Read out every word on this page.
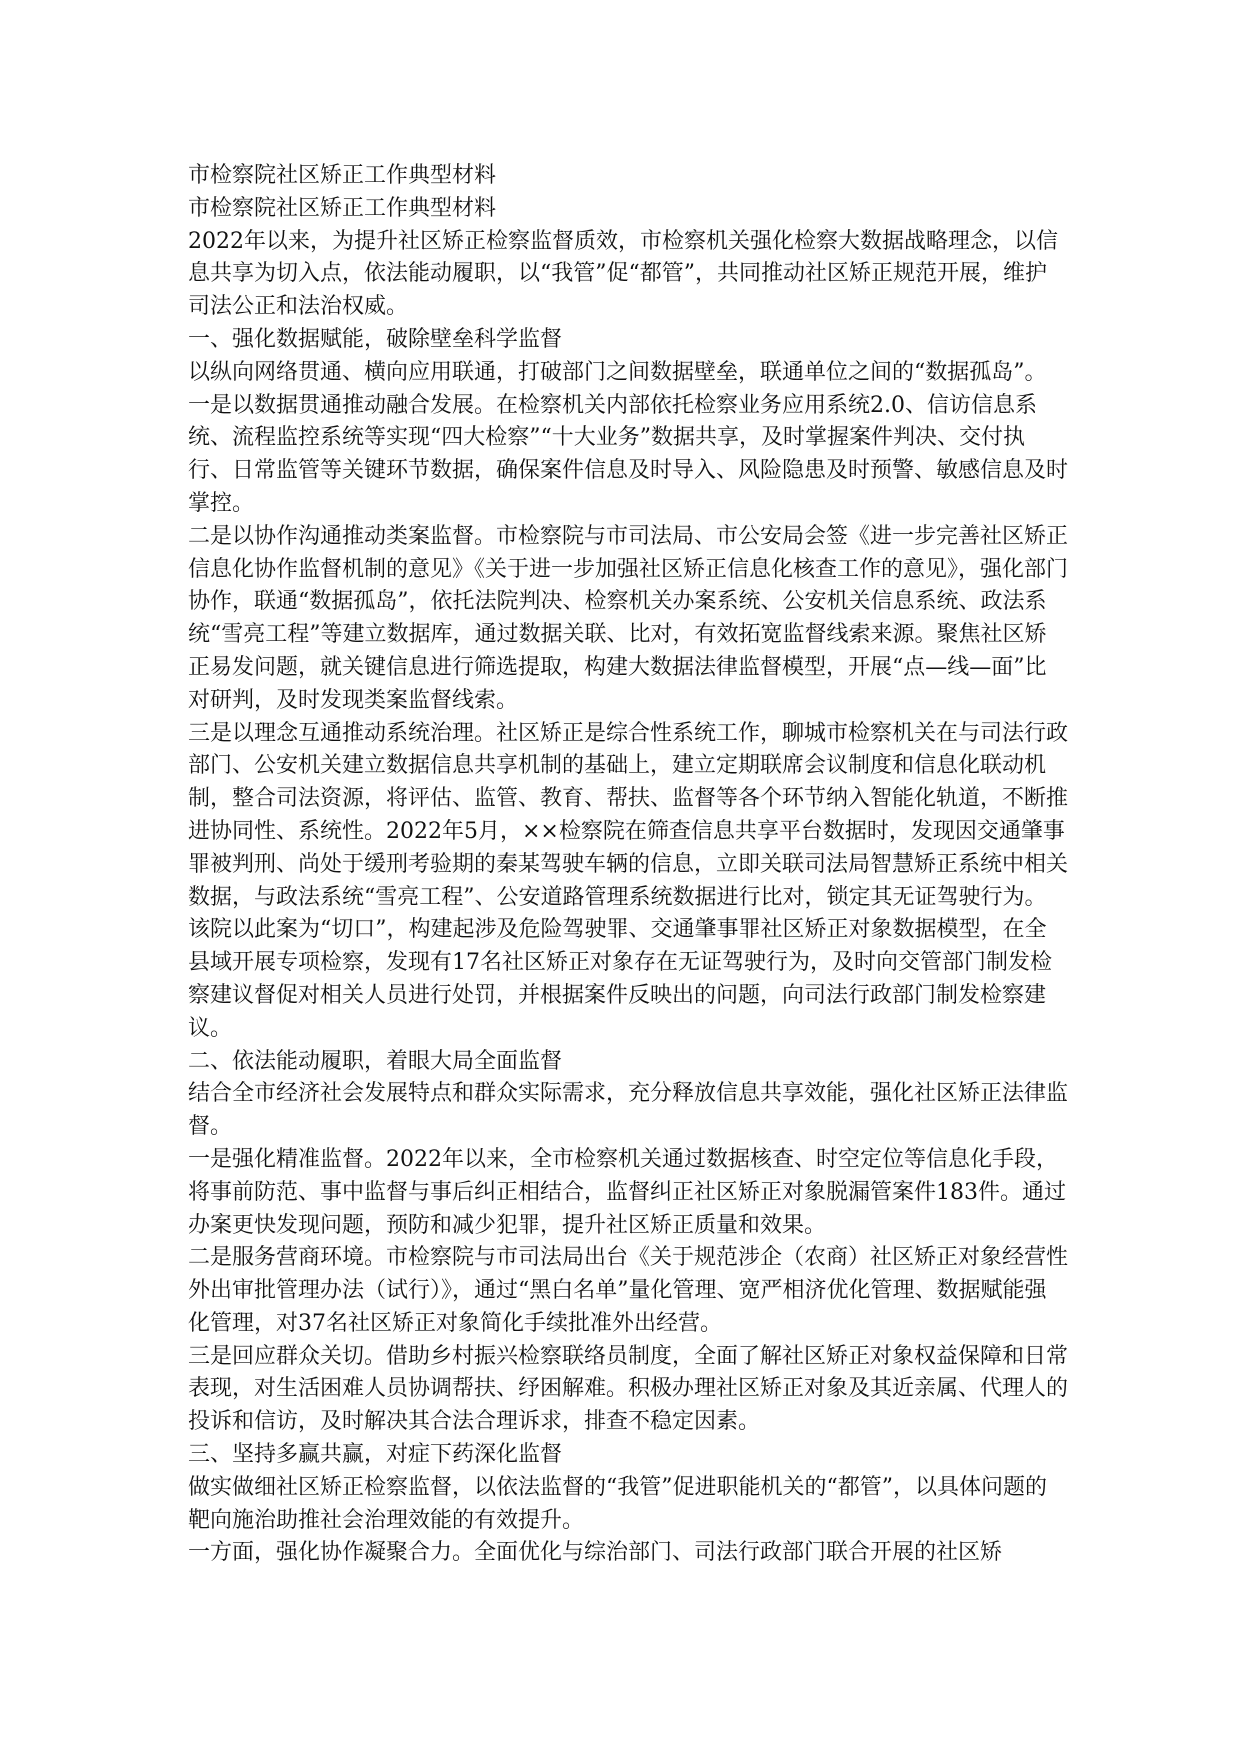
市检察院社区矫正工作典型材料

市检察院社区矫正工作典型材料

2022年以来，为提升社区矫正检察监督质效，市检察机关强化检察大数据战略理念，以信息共享为切入点，依法能动履职，以“我管”促“都管”，共同推动社区矫正规范开展，维护司法公正和法治权威。

一、强化数据赋能，破除壁垒科学监督

以纵向网络贯通、横向应用联通，打破部门之间数据壁垒，联通单位之间的“数据孤岛”。

一是以数据贯通推动融合发展。在检察机关内部依托检察业务应用系统2.0、信访信息系统、流程监控系统等实现“四大检察”“十大业务”数据共享，及时掌握案件判决、交付执行、日常监管等关键环节数据，确保案件信息及时导入、风险隐患及时预警、敏感信息及时掌控。

二是以协作沟通推动类案监督。市检察院与市司法局、市公安局会签《进一步完善社区矫正信息化协作监督机制的意见》《关于进一步加强社区矫正信息化核查工作的意见》，强化部门协作，联通“数据孤岛”，依托法院判决、检察机关办案系统、公安机关信息系统、政法系统“雪亮工程”等建立数据库，通过数据关联、比对，有效拓宽监督线索来源。聚焦社区矫正易发问题，就关键信息进行筛选提取，构建大数据法律监督模型，开展“点—线—面”比对研判，及时发现类案监督线索。

三是以理念互通推动系统治理。社区矫正是综合性系统工作，聊城市检察机关在与司法行政部门、公安机关建立数据信息共享机制的基础上，建立定期联席会议制度和信息化联动机制，整合司法资源，将评估、监管、教育、帮扶、监督等各个环节纳入智能化轨道，不断推进协同性、系统性。2022年5月，××检察院在筛查信息共享平台数据时，发现因交通肇事罪被判刑、尚处于缓刑考验期的秦某驾驶车辆的信息，立即关联司法局智慧矫正系统中相关数据，与政法系统“雪亮工程”、公安道路管理系统数据进行比对，锁定其无证驾驶行为。该院以此案为“切口”，构建起涉及危险驾驶罪、交通肇事罪社区矫正对象数据模型，在全县域开展专项检察，发现有17名社区矫正对象存在无证驾驶行为，及时向交管部门制发检察建议督促对相关人员进行处罚，并根据案件反映出的问题，向司法行政部门制发检察建议。

二、依法能动履职，着眼大局全面监督

结合全市经济社会发展特点和群众实际需求，充分释放信息共享效能，强化社区矫正法律监督。

一是强化精准监督。2022年以来，全市检察机关通过数据核查、时空定位等信息化手段，将事前防范、事中监督与事后纠正相结合，监督纠正社区矫正对象脱漏管案件183件。通过办案更快发现问题，预防和减少犯罪，提升社区矫正质量和效果。

二是服务营商环境。市检察院与市司法局出台《关于规范涉企（农商）社区矫正对象经营性外出审批管理办法（试行）》，通过“黑白名单”量化管理、宽严相济优化管理、数据赋能强化管理，对37名社区矫正对象简化手续批准外出经营。

三是回应群众关切。借助乡村振兴检察联络员制度，全面了解社区矫正对象权益保障和日常表现，对生活困难人员协调帮扶、纾困解难。积极办理社区矫正对象及其近亲属、代理人的投诉和信访，及时解决其合法合理诉求，排查不稳定因素。

三、坚持多赢共赢，对症下药深化监督

做实做细社区矫正检察监督，以依法监督的“我管”促进职能机关的“都管”，以具体问题的靶向施治助推社会治理效能的有效提升。

一方面，强化协作凝聚合力。全面优化与综治部门、司法行政部门联合开展的社区矫
